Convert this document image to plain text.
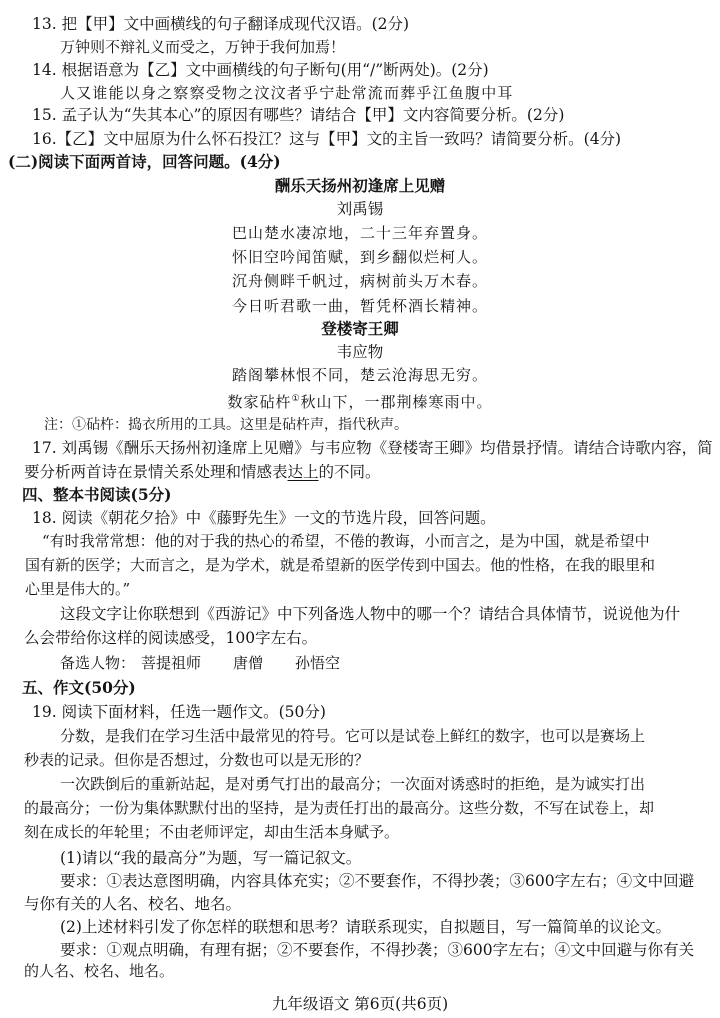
13. 把【甲】文中画横线的句子翻译成现代汉语。(2分)
万钟则不辩礼义而受之，万钟于我何加焉！
14. 根据语意为【乙】文中画横线的句子断句(用“/”断两处)。(2分)
人又谁能以身之察察受物之汶汶者乎宁赴常流而葬乎江鱼腹中耳
15. 孟子认为“失其本心”的原因有哪些？请结合【甲】文内容简要分析。(2分)
16.【乙】文中屈原为什么怀石投江？这与【甲】文的主旨一致吗？请简要分析。(4分)
(二)阅读下面两首诗，回答问题。(4分)
酬乐天扬州初逢席上见赠
刘禹锡
巴山楚水凄凉地，二十三年弃置身。
怀旧空吟闻笛赋，到乡翻似烂柯人。
沉舟侧畔千帆过，病树前头万木春。
今日听君歌一曲，暂凭杯酒长精神。
登楼寄王卿
韦应物
踏阁攀林恨不同，楚云沧海思无穷。
数家砧杵①秋山下，一郡荆榛寒雨中。
注：①砧杵：捣衣所用的工具。这里是砧杵声，指代秋声。
17. 刘禹锡《酬乐天扬州初逢席上见赠》与韦应物《登楼寄王卿》均借景抒情。请结合诗歌内容，简
要分析两首诗在景情关系处理和情感表达上的不同。
四、整本书阅读(5分)
18. 阅读《朝花夕拾》中《藤野先生》一文的节选片段，回答问题。
“有时我常常想：他的对于我的热心的希望，不倦的教诲，小而言之，是为中国，就是希望中
国有新的医学；大而言之，是为学术，就是希望新的医学传到中国去。他的性格，在我的眼里和
心里是伟大的。”
这段文字让你联想到《西游记》中下列备选人物中的哪一个？请结合具体情节，说说他为什
么会带给你这样的阅读感受，100字左右。
备选人物： 菩提祖师 唐僧 孙悟空
五、作文(50分)
19. 阅读下面材料，任选一题作文。(50分)
分数，是我们在学习生活中最常见的符号。它可以是试卷上鲜红的数字，也可以是赛场上
秒表的记录。但你是否想过，分数也可以是无形的？
一次跌倒后的重新站起，是对勇气打出的最高分；一次面对诱惑时的拒绝，是为诚实打出
的最高分；一份为集体默默付出的坚持，是为责任打出的最高分。这些分数，不写在试卷上，却
刻在成长的年轮里；不由老师评定，却由生活本身赋予。
(1)请以“我的最高分”为题，写一篇记叙文。
要求：①表达意图明确，内容具体充实；②不要套作，不得抄袭；③600字左右；④文中回避
与你有关的人名、校名、地名。
(2)上述材料引发了你怎样的联想和思考？请联系现实，自拟题目，写一篇简单的议论文。
要求：①观点明确，有理有据；②不要套作，不得抄袭；③600字左右；④文中回避与你有关
的人名、校名、地名。
九年级语文 第6页(共6页)
